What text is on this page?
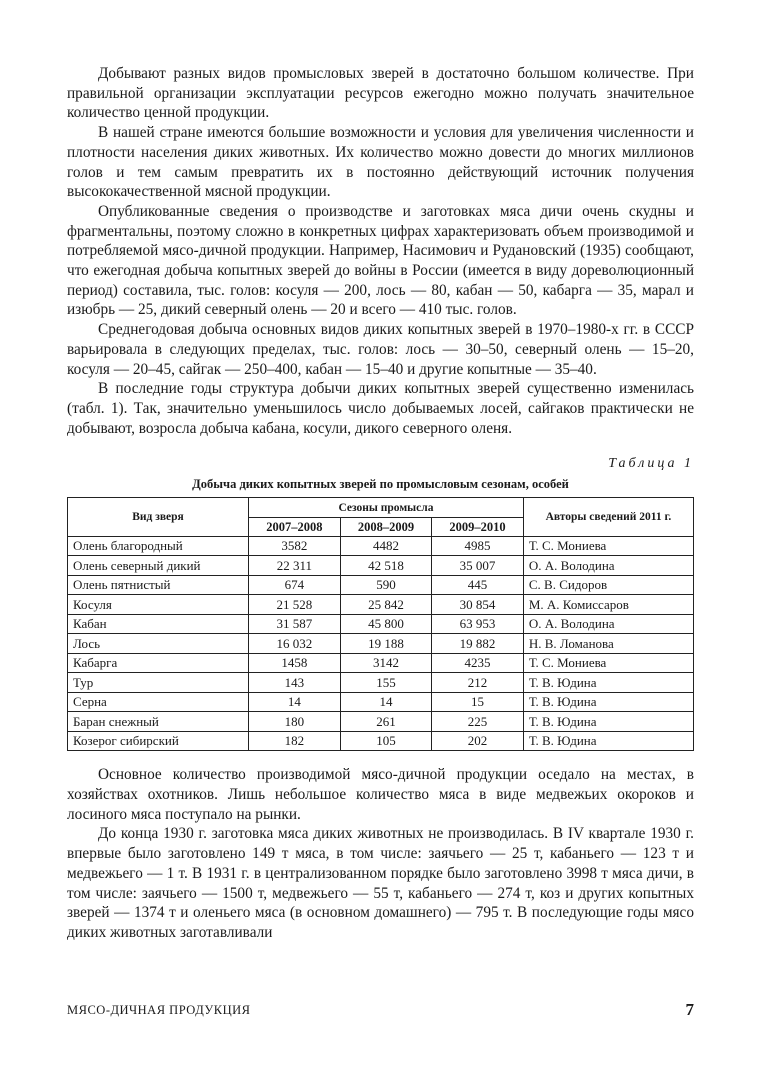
Добывают разных видов промысловых зверей в достаточно большом количестве. При правильной организации эксплуатации ресурсов ежегодно можно получать значительное количество ценной продукции.

В нашей стране имеются большие возможности и условия для увеличения численности и плотности населения диких животных. Их количество можно довести до многих миллионов голов и тем самым превратить их в постоянно действующий источник получения высококачественной мясной продукции.

Опубликованные сведения о производстве и заготовках мяса дичи очень скудны и фрагментальны, поэтому сложно в конкретных цифрах характеризовать объем производимой и потребляемой мясо-дичной продукции. Например, Насимович и Рудановский (1935) сообщают, что ежегодная добыча копытных зверей до войны в России (имеется в виду дореволюционный период) составила, тыс. голов: косуля — 200, лось — 80, кабан — 50, кабарга — 35, марал и изюбрь — 25, дикий северный олень — 20 и всего — 410 тыс. голов.

Среднегодовая добыча основных видов диких копытных зверей в 1970–1980-х гг. в СССР варьировала в следующих пределах, тыс. голов: лось — 30–50, северный олень — 15–20, косуля — 20–45, сайгак — 250–400, кабан — 15–40 и другие копытные — 35–40.

В последние годы структура добычи диких копытных зверей существенно изменилась (табл. 1). Так, значительно уменьшилось число добываемых лосей, сайгаков практически не добывают, возросла добыча кабана, косули, дикого северного оленя.

Таблица 1
Добыча диких копытных зверей по промысловым сезонам, особей
Вид зверя	Сезоны промысла			Авторы сведений 2011 г.
	2007–2008	2008–2009	2009–2010	
Олень благородный	3582	4482	4985	Т. С. Мониева
Олень северный дикий	22 311	42 518	35 007	О. А. Володина
Олень пятнистый	674	590	445	С. В. Сидоров
Косуля	21 528	25 842	30 854	М. А. Комиссаров
Кабан	31 587	45 800	63 953	О. А. Володина
Лось	16 032	19 188	19 882	Н. В. Ломанова
Кабарга	1458	3142	4235	Т. С. Мониева
Тур	143	155	212	Т. В. Юдина
Серна	14	14	15	Т. В. Юдина
Баран снежный	180	261	225	Т. В. Юдина
Козерог сибирский	182	105	202	Т. В. Юдина

Основное количество производимой мясо-дичной продукции оседало на местах, в хозяйствах охотников. Лишь небольшое количество мяса в виде медвежьих окороков и лосиного мяса поступало на рынки.

До конца 1930 г. заготовка мяса диких животных не производилась. В IV квартале 1930 г. впервые было заготовлено 149 т мяса, в том числе: заячьего — 25 т, кабаньего — 123 т и медвежьего — 1 т. В 1931 г. в централизованном порядке было заготовлено 3998 т мяса дичи, в том числе: заячьего — 1500 т, медвежьего — 55 т, кабаньего — 274 т, коз и других копытных зверей — 1374 т и оленьего мяса (в основном домашнего) — 795 т. В последующие годы мясо диких животных заготавливали

МЯСО-ДИЧНАЯ ПРОДУКЦИЯ	7
